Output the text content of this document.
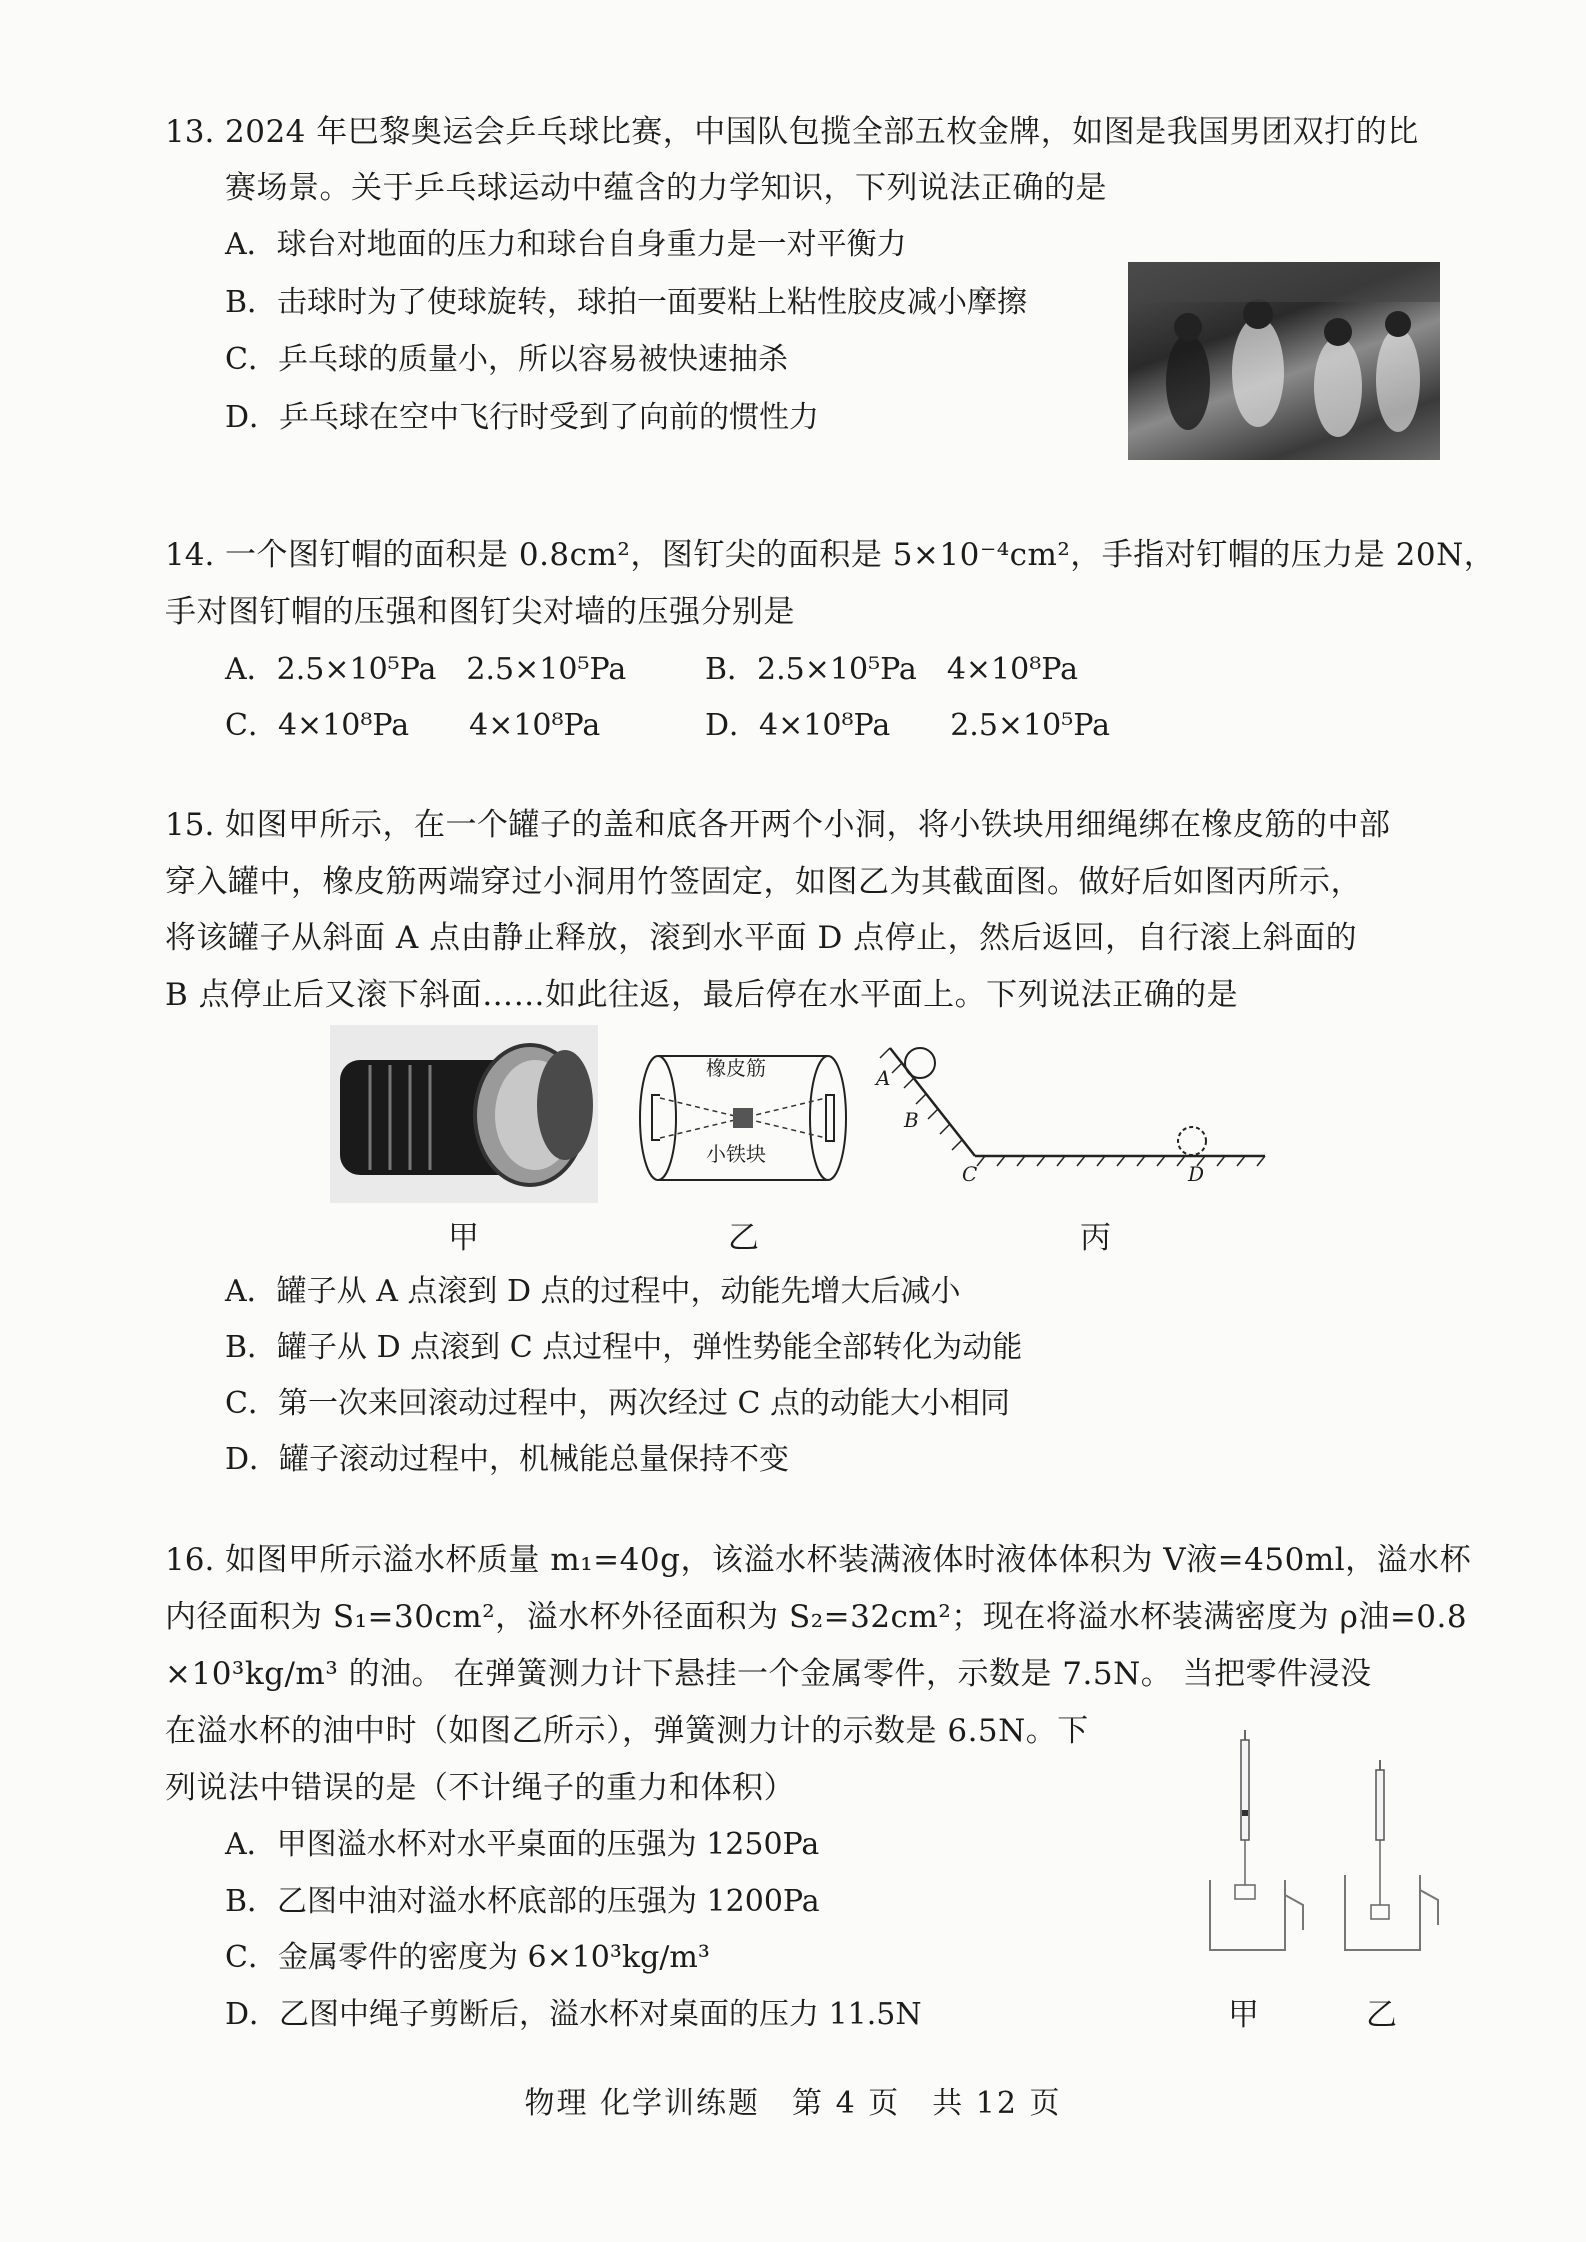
13. 2024 年巴黎奥运会乒乓球比赛，中国队包揽全部五枚金牌，如图是我国男团双打的比
赛场景。关于乒乓球运动中蕴含的力学知识，下列说法正确的是
A．球台对地面的压力和球台自身重力是一对平衡力
B．击球时为了使球旋转，球拍一面要粘上粘性胶皮减小摩擦
C．乒乓球的质量小，所以容易被快速抽杀
D．乒乓球在空中飞行时受到了向前的惯性力
14. 一个图钉帽的面积是 0.8cm²，图钉尖的面积是 5×10⁻⁴cm²，手指对钉帽的压力是 20N，
手对图钉帽的压强和图钉尖对墙的压强分别是
A．2.5×10⁵Pa　2.5×10⁵Pa	B．2.5×10⁵Pa　4×10⁸Pa
C．4×10⁸Pa　　4×10⁸Pa	D．4×10⁸Pa　　2.5×10⁵Pa
15. 如图甲所示，在一个罐子的盖和底各开两个小洞，将小铁块用细绳绑在橡皮筋的中部
穿入罐中，橡皮筋两端穿过小洞用竹签固定，如图乙为其截面图。做好后如图丙所示，
将该罐子从斜面 A 点由静止释放，滚到水平面 D 点停止，然后返回，自行滚上斜面的
B 点停止后又滚下斜面……如此往返，最后停在水平面上。下列说法正确的是
橡皮筋
小铁块
A
B
C	D
甲	乙	丙
A．罐子从 A 点滚到 D 点的过程中，动能先增大后减小
B．罐子从 D 点滚到 C 点过程中，弹性势能全部转化为动能
C．第一次来回滚动过程中，两次经过 C 点的动能大小相同
D．罐子滚动过程中，机械能总量保持不变
16. 如图甲所示溢水杯质量 m₁=40g，该溢水杯装满液体时液体体积为 V液=450ml，溢水杯
内径面积为 S₁=30cm²，溢水杯外径面积为 S₂=32cm²；现在将溢水杯装满密度为 ρ油=0.8
×10³kg/m³ 的油。 在弹簧测力计下悬挂一个金属零件，示数是 7.5N。 当把零件浸没
在溢水杯的油中时（如图乙所示），弹簧测力计的示数是 6.5N。下
列说法中错误的是（不计绳子的重力和体积）
A．甲图溢水杯对水平桌面的压强为 1250Pa
B．乙图中油对溢水杯底部的压强为 1200Pa
C．金属零件的密度为 6×10³kg/m³
D．乙图中绳子剪断后，溢水杯对桌面的压力 11.5N	甲	乙
物理 化学训练题　第 4 页　共 12 页
